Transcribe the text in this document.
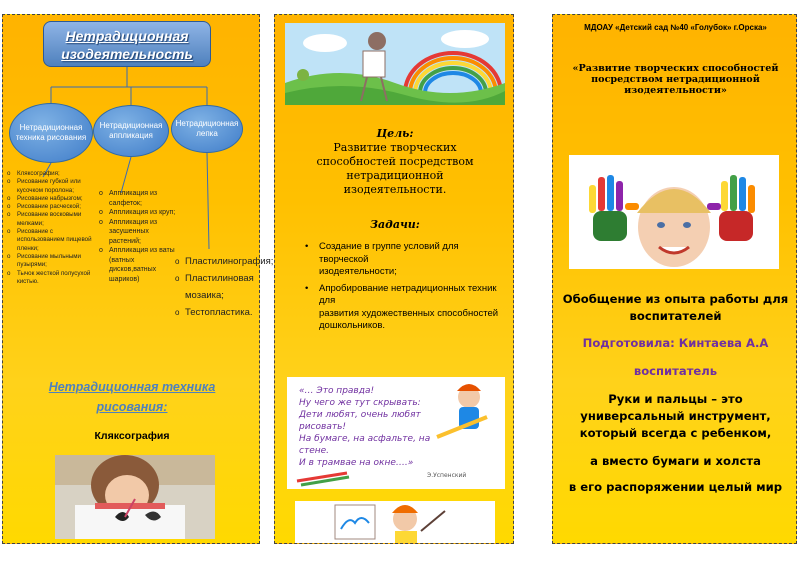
Нетрадиционная изодеятельность
Нетрадиционная техника рисования
Нетрадиционная аппликация
Нетрадиционная лепка
o Кляксография;
o Рисование губкой или кусочком поролона;
o Рисование набрызгом;
o Рисование расческой;
o Рисование восковыми мелками;
o Рисование с использованием пищевой пленки;
o Рисование мыльными пузырями;
o Тычок жесткой полусухой кистью.
o Аппликация из салфеток;
o Аппликация из круп;
o Аппликация из засушенных растений;
o Аппликация из ваты (ватных дисков,ватных шариков)
o Пластилинография;
o Пластилиновая мозаика;
o Тестопластика.
Нетрадиционная техника рисования:
Кляксография
Цель:
Развитие творческих способностей посредством нетрадиционной изодеятельности.
Задачи:
• Создание в группе условий для творческой
изодеятельности;
• Апробирование нетрадиционных техник для
развития художественных способностей
дошкольников.
«… Это правда!
Ну чего же тут скрывать:
Дети любят, очень любят
рисовать!
На бумаге, на асфальте, на
стене.
И в трамвае на окне….»
Э.Успенский
МДОАУ «Детский сад №40 «Голубок» г.Орска»
«Развитие творческих способностей посредством нетрадиционной изодеятельности»
Обобщение из опыта работы для воспитателей
Подготовила: Кинтаева А.А
воспитатель
Руки и пальцы – это универсальный инструмент, который всегда с ребенком,
а вместо бумаги и холста
в его распоряжении целый мир
